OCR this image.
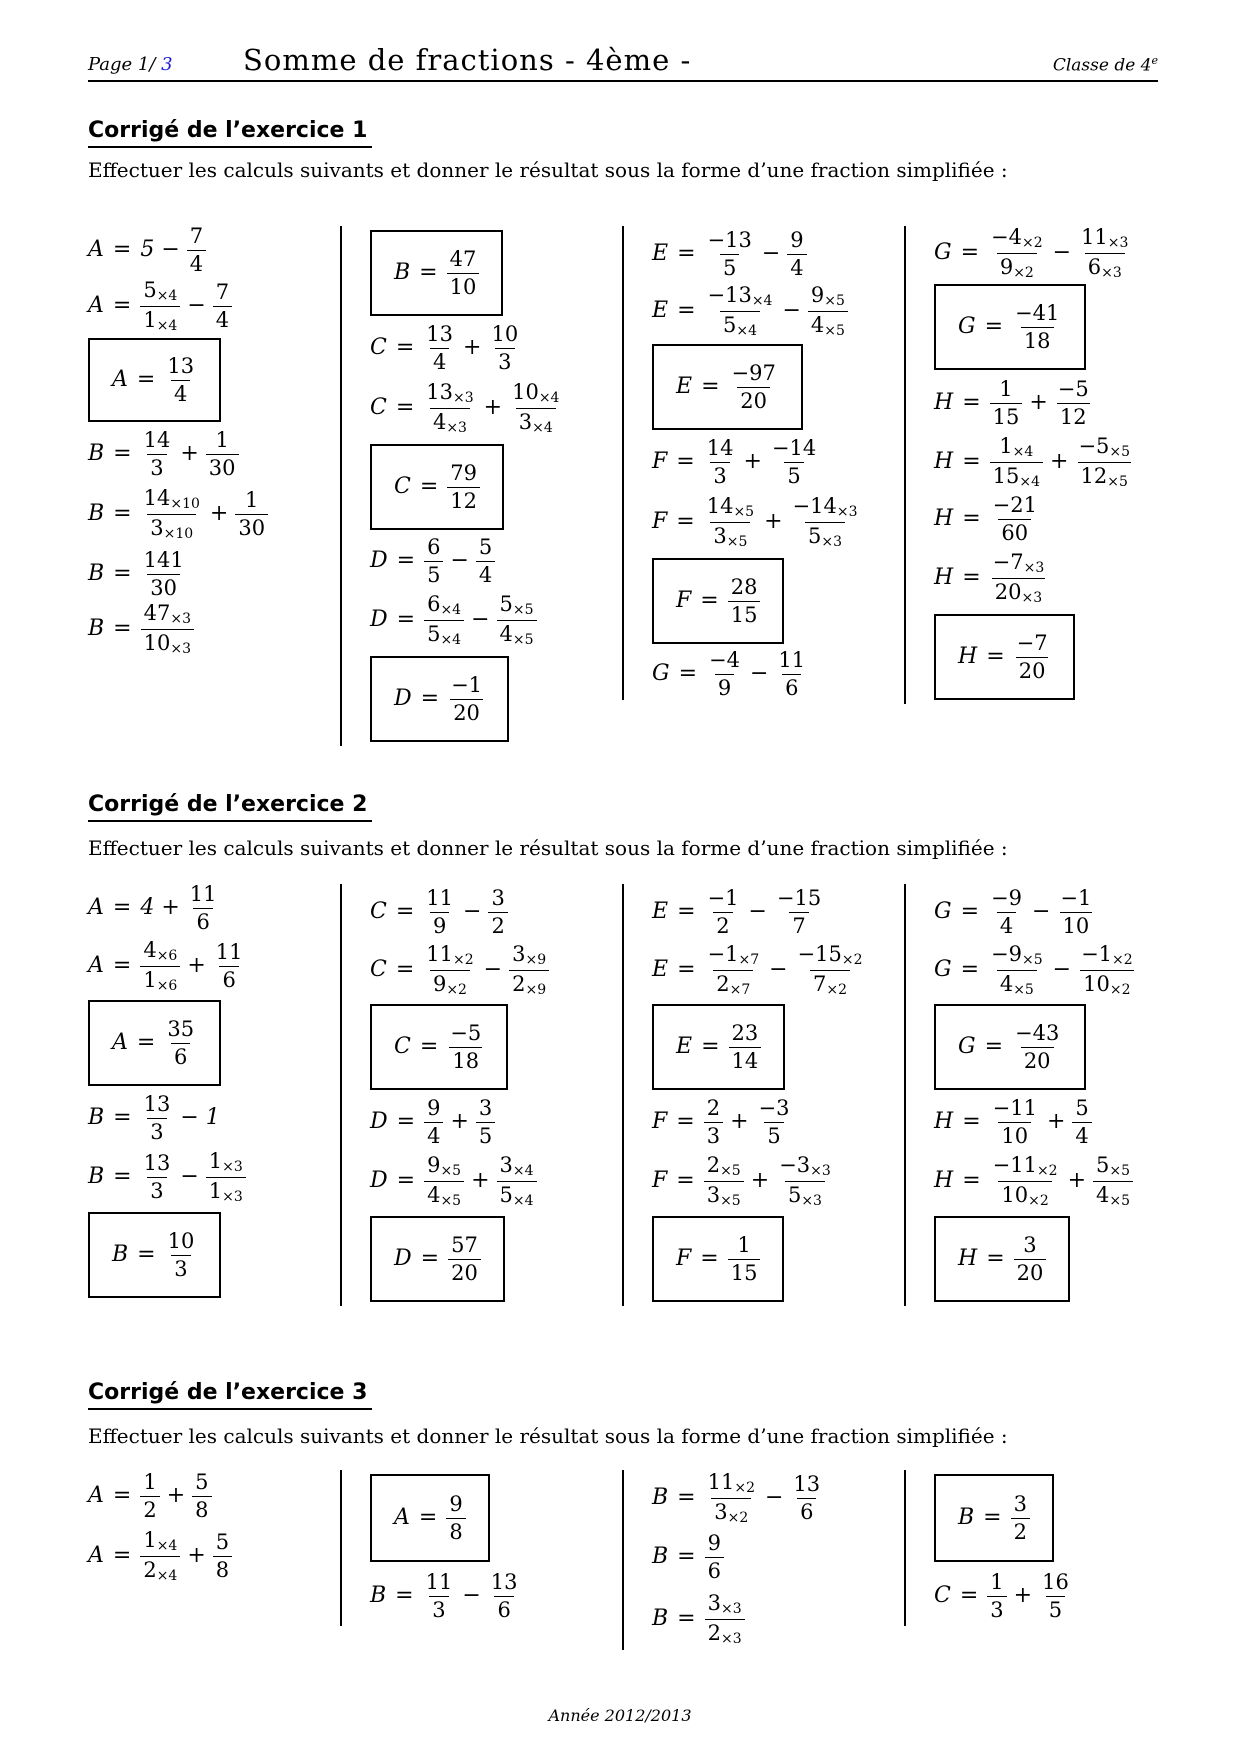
Page 1/ 3 Somme de fractions - 4ème -	Classe de 4e
Corrigé de l’exercice 1
Effectuer les calculs suivants et donner le résultat sous la forme d’une fraction simplifiée :
$A = 5 - \frac{7}{4}$
$A = \frac{5_{\times 4}}{1_{\times 4}} - \frac{7}{4}$
$A = \frac{13}{4}$
$B = \frac{14}{3} + \frac{1}{30}$
$B = \frac{14_{\times 10}}{3_{\times 10}} + \frac{1}{30}$
$B = \frac{141}{30}$
$B = \frac{47_{\times 3}}{10_{\times 3}}$
$B = \frac{47}{10}$
$C = \frac{13}{4} + \frac{10}{3}$
$C = \frac{13_{\times 3}}{4_{\times 3}} + \frac{10_{\times 4}}{3_{\times 4}}$
$C = \frac{79}{12}$
$D = \frac{6}{5} - \frac{5}{4}$
$D = \frac{6_{\times 4}}{5_{\times 4}} - \frac{5_{\times 5}}{4_{\times 5}}$
$D = \frac{-1}{20}$
$E = \frac{-13}{5} - \frac{9}{4}$
$E = \frac{-13_{\times 4}}{5_{\times 4}} - \frac{9_{\times 5}}{4_{\times 5}}$
$E = \frac{-97}{20}$
$F = \frac{14}{3} + \frac{-14}{5}$
$F = \frac{14_{\times 5}}{3_{\times 5}} + \frac{-14_{\times 3}}{5_{\times 3}}$
$F = \frac{28}{15}$
$G = \frac{-4}{9} - \frac{11}{6}$
$G = \frac{-4_{\times 2}}{9_{\times 2}} - \frac{11_{\times 3}}{6_{\times 3}}$
$G = \frac{-41}{18}$
$H = \frac{1}{15} + \frac{-5}{12}$
$H = \frac{1_{\times 4}}{15_{\times 4}} + \frac{-5_{\times 5}}{12_{\times 5}}$
$H = \frac{-21}{60}$
$H = \frac{-7_{\times 3}}{20_{\times 3}}$
$H = \frac{-7}{20}$
Corrigé de l’exercice 2
Effectuer les calculs suivants et donner le résultat sous la forme d’une fraction simplifiée :
$A = 4 + \frac{11}{6}$
$A = \frac{4_{\times 6}}{1_{\times 6}} + \frac{11}{6}$
$A = \frac{35}{6}$
$B = \frac{13}{3} - 1$
$B = \frac{13}{3} - \frac{1_{\times 3}}{1_{\times 3}}$
$B = \frac{10}{3}$
$C = \frac{11}{9} - \frac{3}{2}$
$C = \frac{11_{\times 2}}{9_{\times 2}} - \frac{3_{\times 9}}{2_{\times 9}}$
$C = \frac{-5}{18}$
$D = \frac{9}{4} + \frac{3}{5}$
$D = \frac{9_{\times 5}}{4_{\times 5}} + \frac{3_{\times 4}}{5_{\times 4}}$
$D = \frac{57}{20}$
$E = \frac{-1}{2} - \frac{-15}{7}$
$E = \frac{-1_{\times 7}}{2_{\times 7}} - \frac{-15_{\times 2}}{7_{\times 2}}$
$E = \frac{23}{14}$
$F = \frac{2}{3} + \frac{-3}{5}$
$F = \frac{2_{\times 5}}{3_{\times 5}} + \frac{-3_{\times 3}}{5_{\times 3}}$
$F = \frac{1}{15}$
$G = \frac{-9}{4} - \frac{-1}{10}$
$G = \frac{-9_{\times 5}}{4_{\times 5}} - \frac{-1_{\times 2}}{10_{\times 2}}$
$G = \frac{-43}{20}$
$H = \frac{-11}{10} + \frac{5}{4}$
$H = \frac{-11_{\times 2}}{10_{\times 2}} + \frac{5_{\times 5}}{4_{\times 5}}$
$H = \frac{3}{20}$
Corrigé de l’exercice 3
Effectuer les calculs suivants et donner le résultat sous la forme d’une fraction simplifiée :
$A = \frac{1}{2} + \frac{5}{8}$
$A = \frac{1_{\times 4}}{2_{\times 4}} + \frac{5}{8}$
$A = \frac{9}{8}$
$B = \frac{11}{3} - \frac{13}{6}$
$B = \frac{11_{\times 2}}{3_{\times 2}} - \frac{13}{6}$
$B = \frac{9}{6}$
$B = \frac{3_{\times 3}}{2_{\times 3}}$
$B = \frac{3}{2}$
$C = \frac{1}{3} + \frac{16}{5}$
Année 2012/2013
